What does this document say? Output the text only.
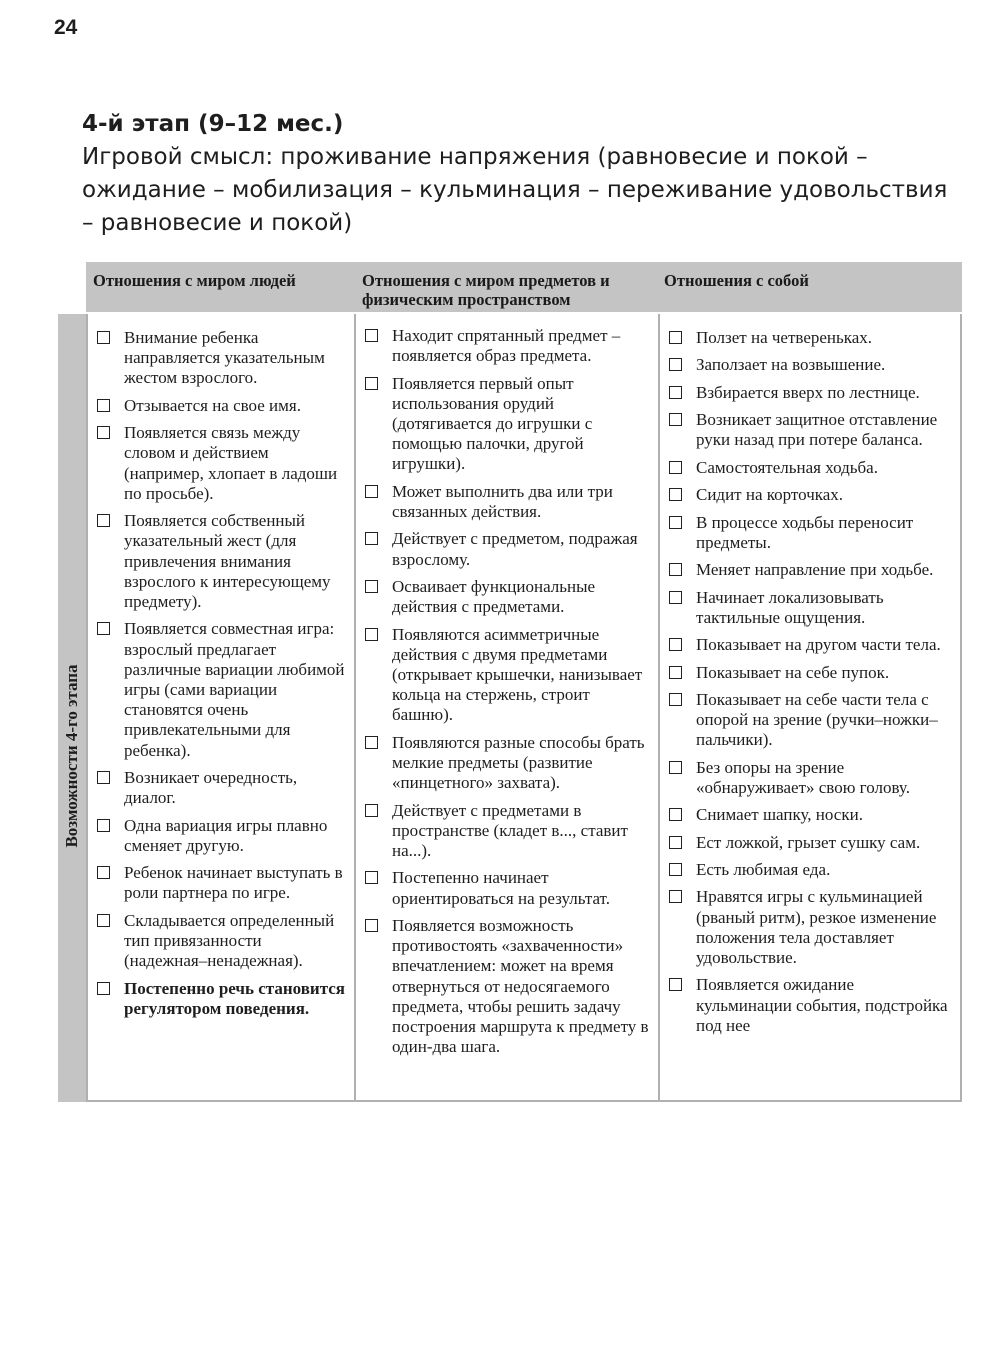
24
4-й этап (9–12 мес.)
Игровой смысл: проживание напряжения (равновесие и покой – ожидание – мобилизация – кульминация – переживание удовольствия – равновесие и покой)
Отношения с миром людей	Отношения с миром предметов и физическим пространством
Отношения с собой
Возможности 4-го этапа
Внимание ребенка направляется указательным жестом взрослого.
Отзывается на свое имя.
Появляется связь между словом и действием (например, хлопает в ладоши по просьбе).
Появляется собственный указательный жест (для привлечения внимания взрослого к интересующему предмету).
Появляется совместная игра: взрослый предлагает различные вариации любимой игры (сами вариации становятся очень привлекательными для ребенка).
Возникает очередность, диалог.
Одна вариация игры плавно сменяет другую.
Ребенок начинает выступать в роли партнера по игре.
Складывается определенный тип привязанности (надежная–ненадежная).
Постепенно речь становится регулятором поведения.
Находит спрятанный предмет – появляется образ предмета.
Появляется первый опыт использования орудий (дотягивается до игрушки с помощью палочки, другой игрушки).
Может выполнить два или три связанных действия.
Действует с предметом, подражая взрослому.
Осваивает функциональные действия с предметами.
Появляются асимметричные действия с двумя предметами (открывает крышечки, нанизывает кольца на стержень, строит башню).
Появляются разные способы брать мелкие предметы (развитие «пинцетного» захвата).
Действует с предметами в пространстве (кладет в..., ставит на...).
Постепенно начинает ориентироваться на результат.
Появляется возможность противостоять «захваченности» впечатлением: может на время отвернуться от недосягаемого предмета, чтобы решить задачу построения маршрута к предмету в один-два шага.
Ползет на четвереньках.
Заползает на возвышение.
Взбирается вверх по лестнице.
Возникает защитное отставление руки назад при потере баланса.
Самостоятельная ходьба.
Сидит на корточках.
В процессе ходьбы переносит предметы.
Меняет направление при ходьбе.
Начинает локализовывать тактильные ощущения.
Показывает на другом части тела.
Показывает на себе пупок.
Показывает на себе части тела с опорой на зрение (ручки–ножки–пальчики).
Без опоры на зрение «обнаруживает» свою голову.
Снимает шапку, носки.
Ест ложкой, грызет сушку сам.
Есть любимая еда.
Нравятся игры с кульминацией (рваный ритм), резкое изменение положения тела доставляет удовольствие.
Появляется ожидание кульминации события, подстройка под нее
